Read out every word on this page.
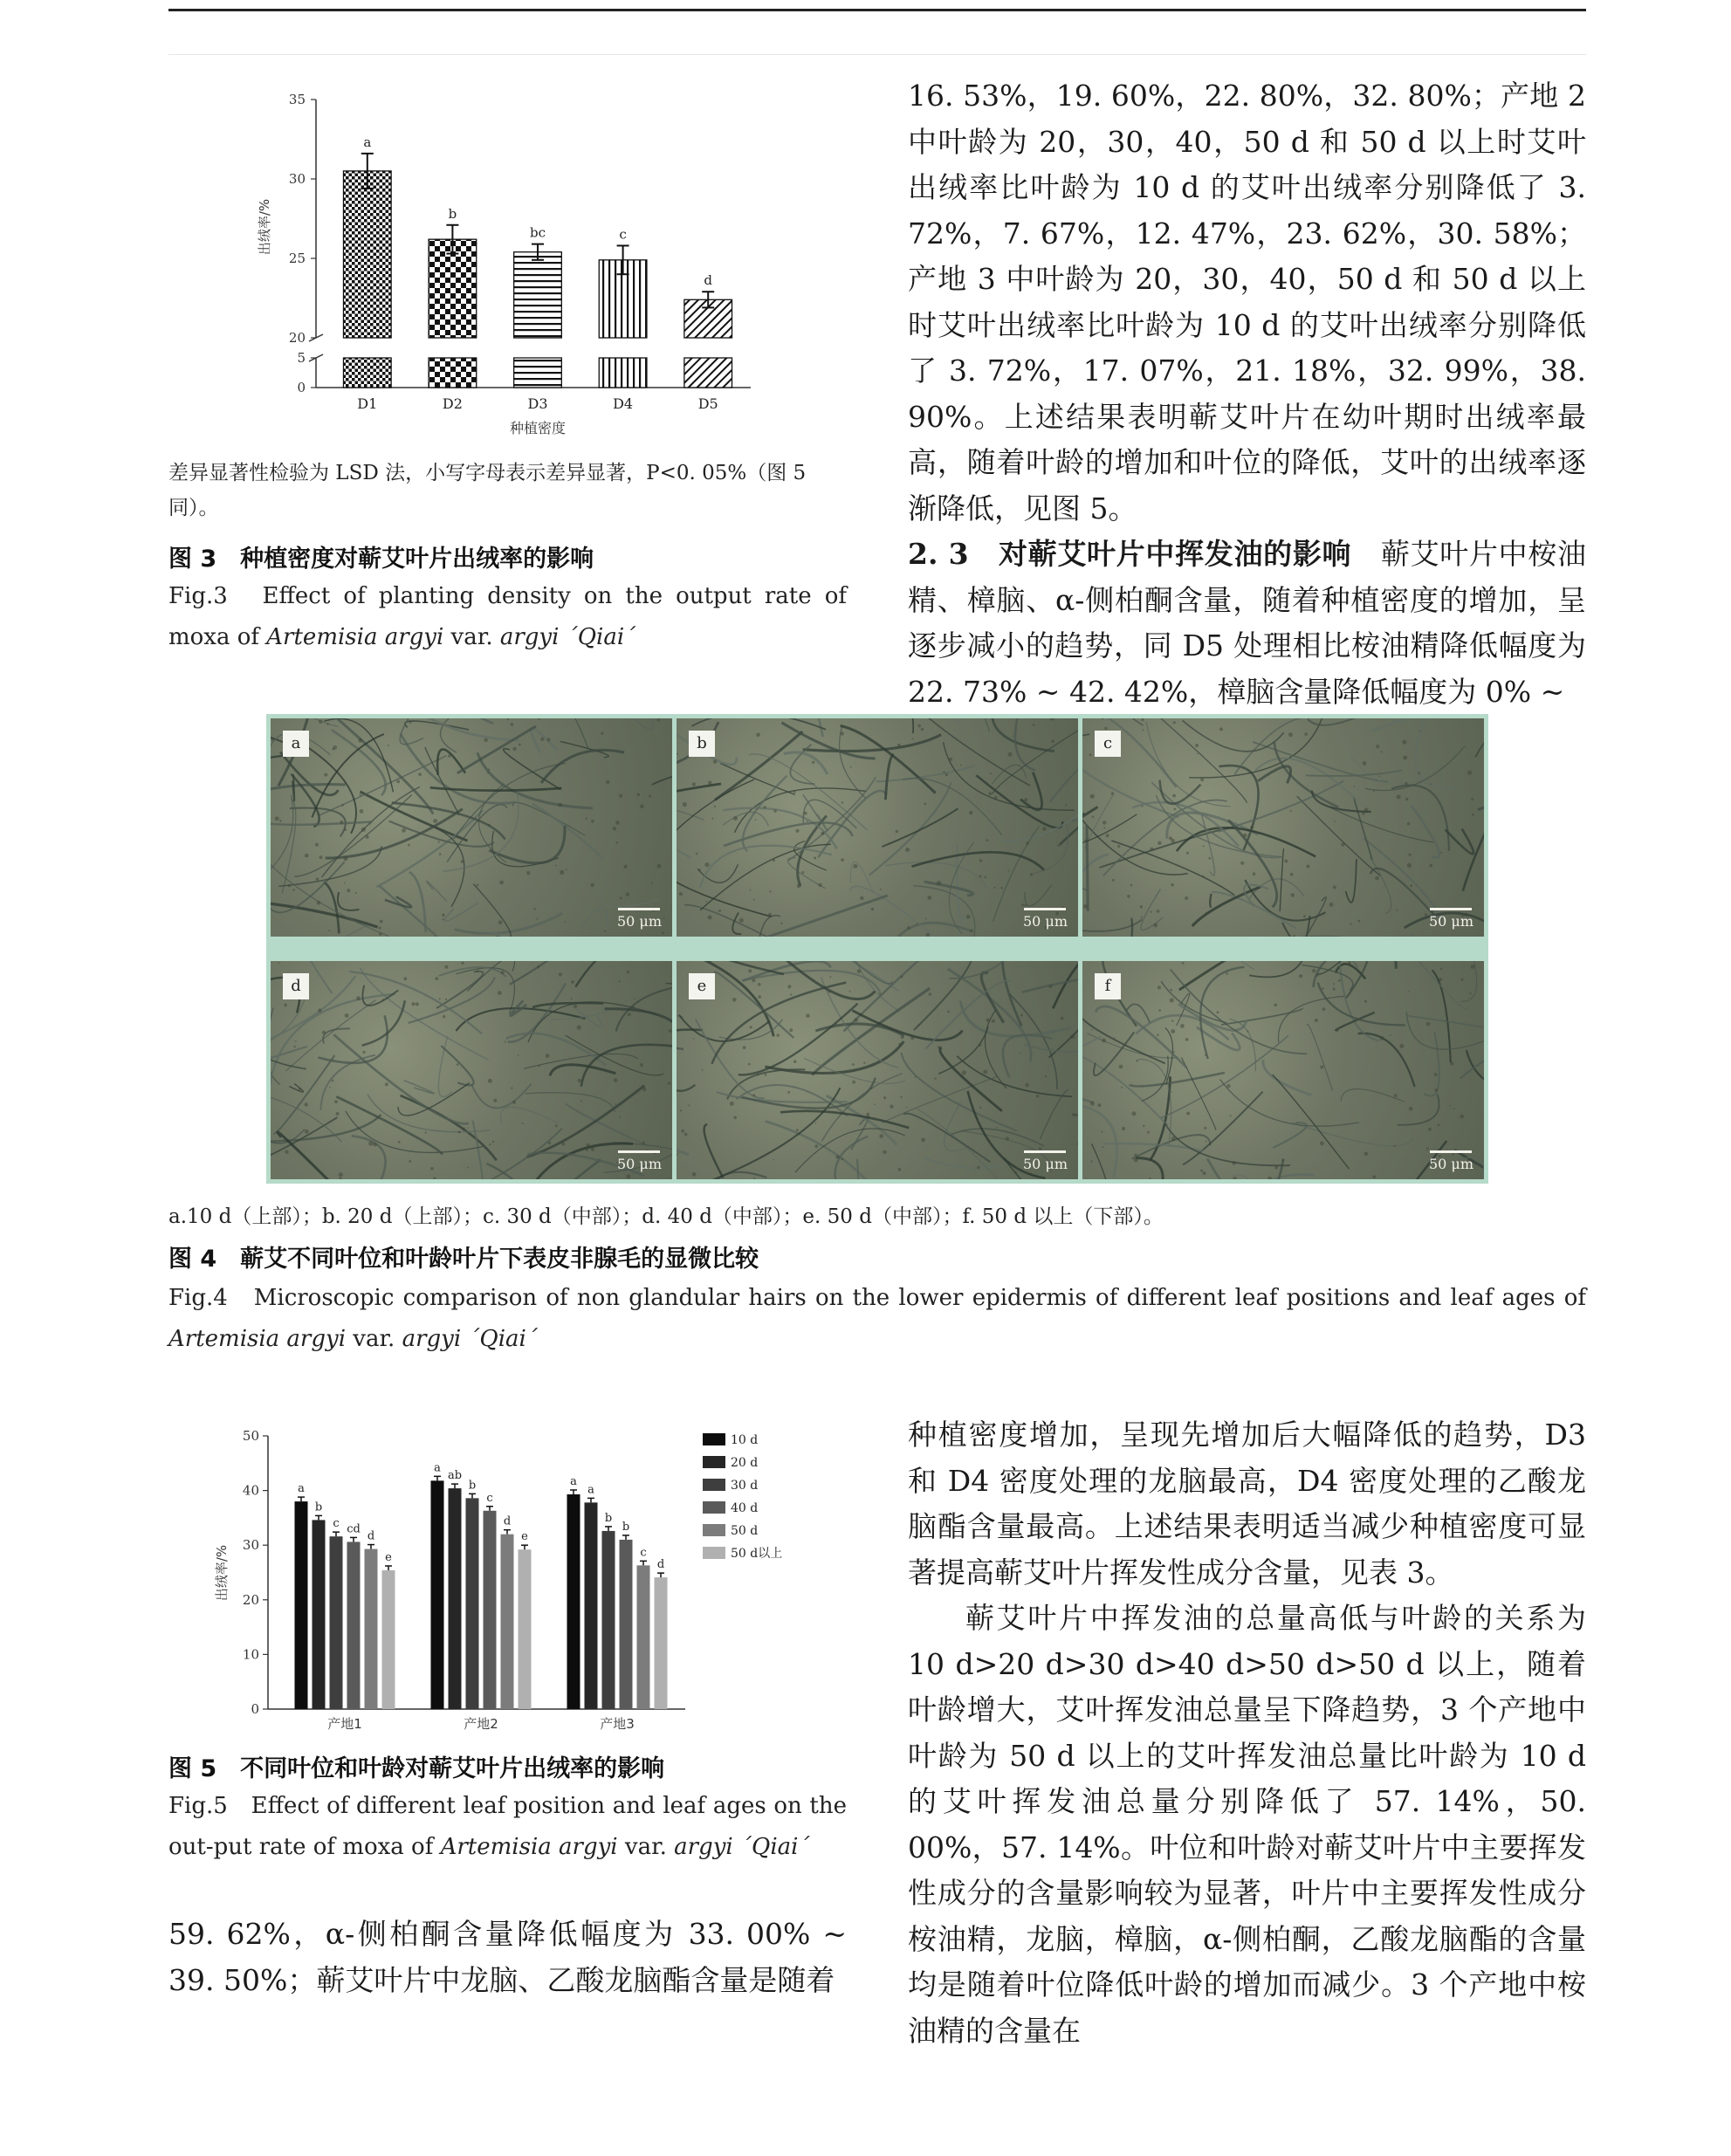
0
5
20
25
30
35
出绒率/%
a
D1
b
D2
bc
D3
c
D4
d
D5
种植密度
差异显著性检验为 LSD 法，小写字母表示差异显著，P<0. 05%（图 5 同）。
图 3　种植密度对蕲艾叶片出绒率的影响
Fig.3　Effect of planting density on the output rate of moxa of Artemisia argyi var. argyi ´Qiai´

16. 53%，19. 60%，22. 80%，32. 80%；产地 2 中叶龄为 20，30，40，50 d 和 50 d 以上时艾叶出绒率比叶龄为 10 d 的艾叶出绒率分别降低了 3. 72%，7. 67%，12. 47%，23. 62%，30. 58%；产地 3 中叶龄为 20，30，40，50 d 和 50 d 以上时艾叶出绒率比叶龄为 10 d 的艾叶出绒率分别降低了 3. 72%，17. 07%，21. 18%，32. 99%，38. 90%。上述结果表明蕲艾叶片在幼叶期时出绒率最高，随着叶龄的增加和叶位的降低，艾叶的出绒率逐渐降低，见图 5。

2. 3　对蕲艾叶片中挥发油的影响　 蕲艾叶片中桉油精、樟脑、α-侧柏酮含量，随着种植密度的增加，呈逐步减小的趋势，同 D5 处理相比桉油精降低幅度为 22. 73% ~ 42. 42%，樟脑含量降低幅度为 0% ~

a
50 μm
b
50 μm
c
50 μm
d
50 μm
e
50 μm
f
50 μm
a.10 d（上部）；b. 20 d（上部）；c. 30 d（中部）；d. 40 d（中部）；e. 50 d（中部）；f. 50 d 以上（下部）。
图 4　蕲艾不同叶位和叶龄叶片下表皮非腺毛的显微比较
Fig.4　Microscopic comparison of non glandular hairs on the lower epidermis of different leaf positions and leaf ages of Artemisia argyi var. argyi ´Qiai´
0
10
20
30
40
50
出绒率/%
a
b
c cd
d
e
产地1
a
ab
b
c
d
e
产地2
a
a
b
b
c
d
产地3
10 d
20 d
30 d
40 d
50 d
50 d以上
图 5　不同叶位和叶龄对蕲艾叶片出绒率的影响
Fig.5　Effect of different leaf position and leaf ages on the out-put rate of moxa of Artemisia argyi var. argyi ´Qiai´

59. 62%，α-侧柏酮含量降低幅度为 33. 00% ~ 39. 50%；蕲艾叶片中龙脑、乙酸龙脑酯含量是随着

种植密度增加，呈现先增加后大幅降低的趋势，D3 和 D4 密度处理的龙脑最高，D4 密度处理的乙酸龙脑酯含量最高。上述结果表明适当减少种植密度可显著提高蕲艾叶片挥发性成分含量，见表 3。

蕲艾叶片中挥发油的总量高低与叶龄的关系为 10 d>20 d>30 d>40 d>50 d>50 d 以上，随着叶龄增大，艾叶挥发油总量呈下降趋势，3 个产地中叶龄为 50 d 以上的艾叶挥发油总量比叶龄为 10 d 的艾叶挥发油总量分别降低了 57. 14%，50. 00%，57. 14%。叶位和叶龄对蕲艾叶片中主要挥发性成分的含量影响较为显著，叶片中主要挥发性成分桉油精，龙脑，樟脑，α-侧柏酮，乙酸龙脑酯的含量均是随着叶位降低叶龄的增加而减少。3 个产地中桉油精的含量在
